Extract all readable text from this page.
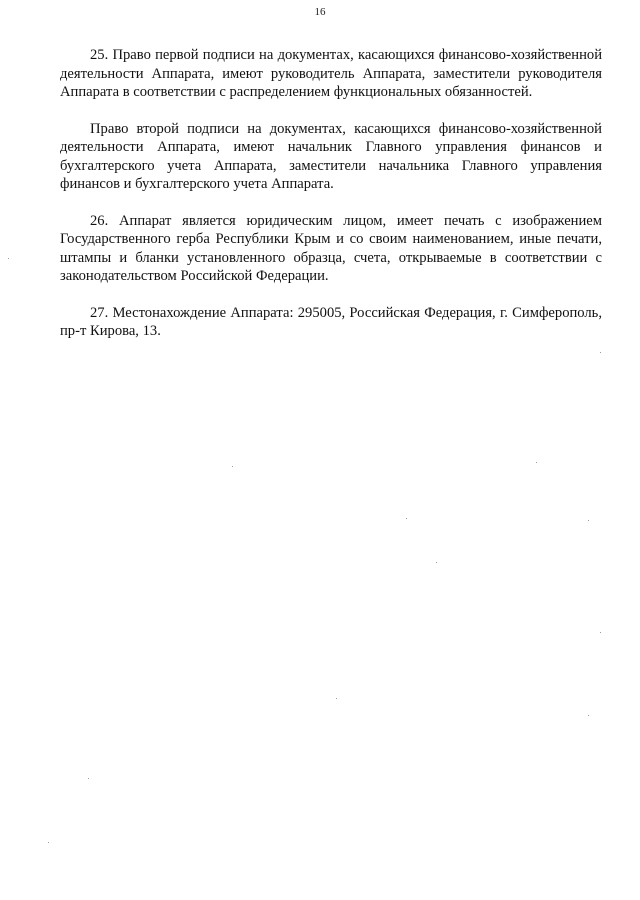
16

25. Право первой подписи на документах, касающихся финансово-хозяйственной деятельности Аппарата, имеют руководитель Аппарата, заместители руководителя Аппарата в соответствии с распределением функциональных обязанностей.

Право второй подписи на документах, касающихся финансово-хозяйственной деятельности Аппарата, имеют начальник Главного управления финансов и бухгалтерского учета Аппарата, заместители начальника Главного управления финансов и бухгалтерского учета Аппарата.

26. Аппарат является юридическим лицом, имеет печать с изображением Государственного герба Республики Крым и со своим наименованием, иные печати, штампы и бланки установленного образца, счета, открываемые в соответствии с законодательством Российской Федерации.

27. Местонахождение Аппарата: 295005, Российская Федерация, г. Симферополь, пр-т Кирова, 13.
